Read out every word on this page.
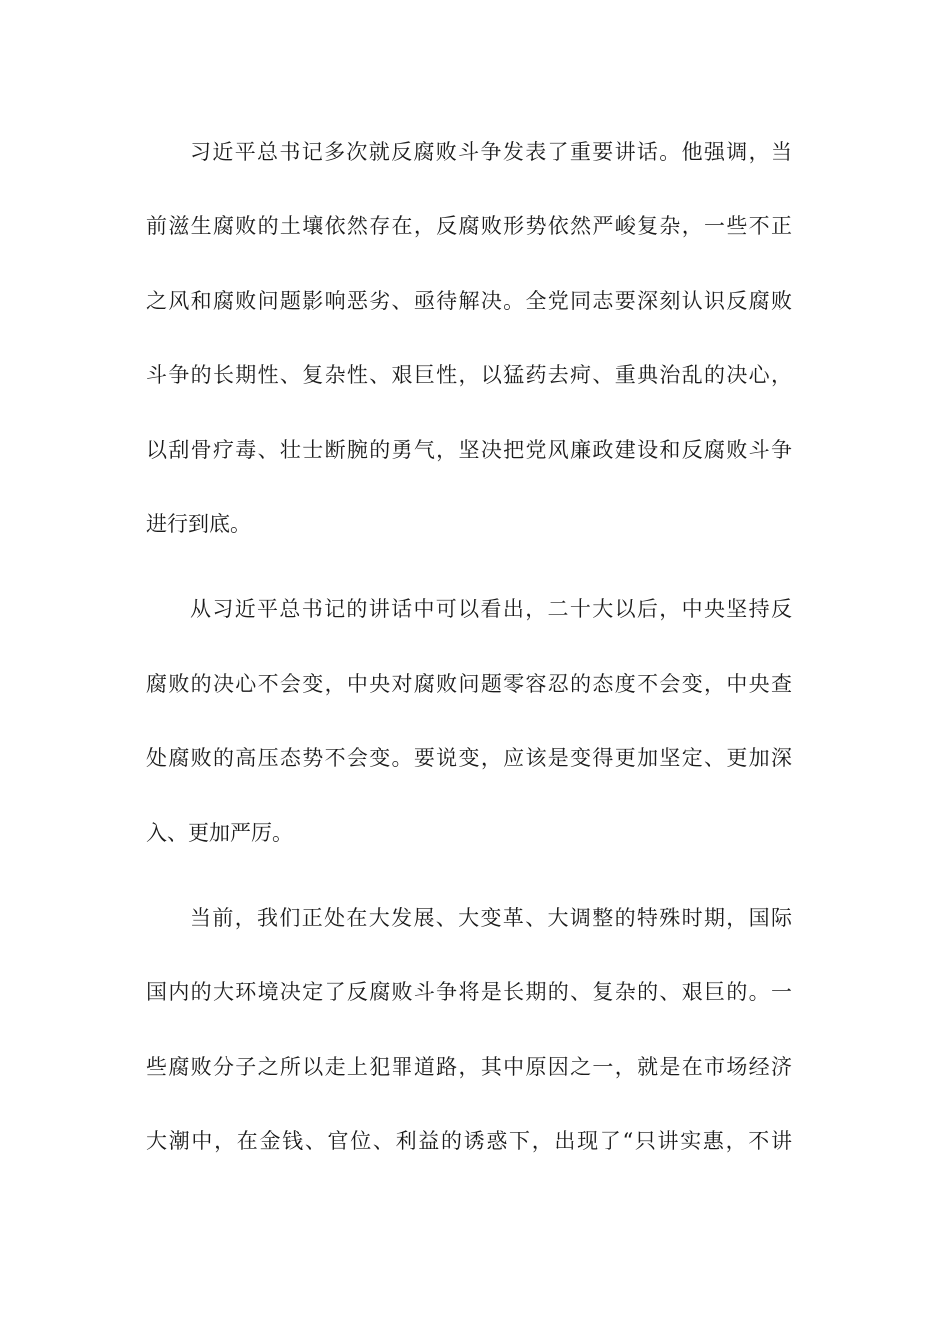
习近平总书记多次就反腐败斗争发表了重要讲话。他强调，当
前滋生腐败的土壤依然存在，反腐败形势依然严峻复杂，一些不正
之风和腐败问题影响恶劣、亟待解决。全党同志要深刻认识反腐败
斗争的长期性、复杂性、艰巨性，以猛药去疴、重典治乱的决心，
以刮骨疗毒、壮士断腕的勇气，坚决把党风廉政建设和反腐败斗争
进行到底。
从习近平总书记的讲话中可以看出，二十大以后，中央坚持反
腐败的决心不会变，中央对腐败问题零容忍的态度不会变，中央查
处腐败的高压态势不会变。要说变，应该是变得更加坚定、更加深
入、更加严厉。
当前，我们正处在大发展、大变革、大调整的特殊时期，国际
国内的大环境决定了反腐败斗争将是长期的、复杂的、艰巨的。一
些腐败分子之所以走上犯罪道路，其中原因之一，就是在市场经济
大潮中，在金钱、官位、利益的诱惑下，出现了“只讲实惠，不讲
